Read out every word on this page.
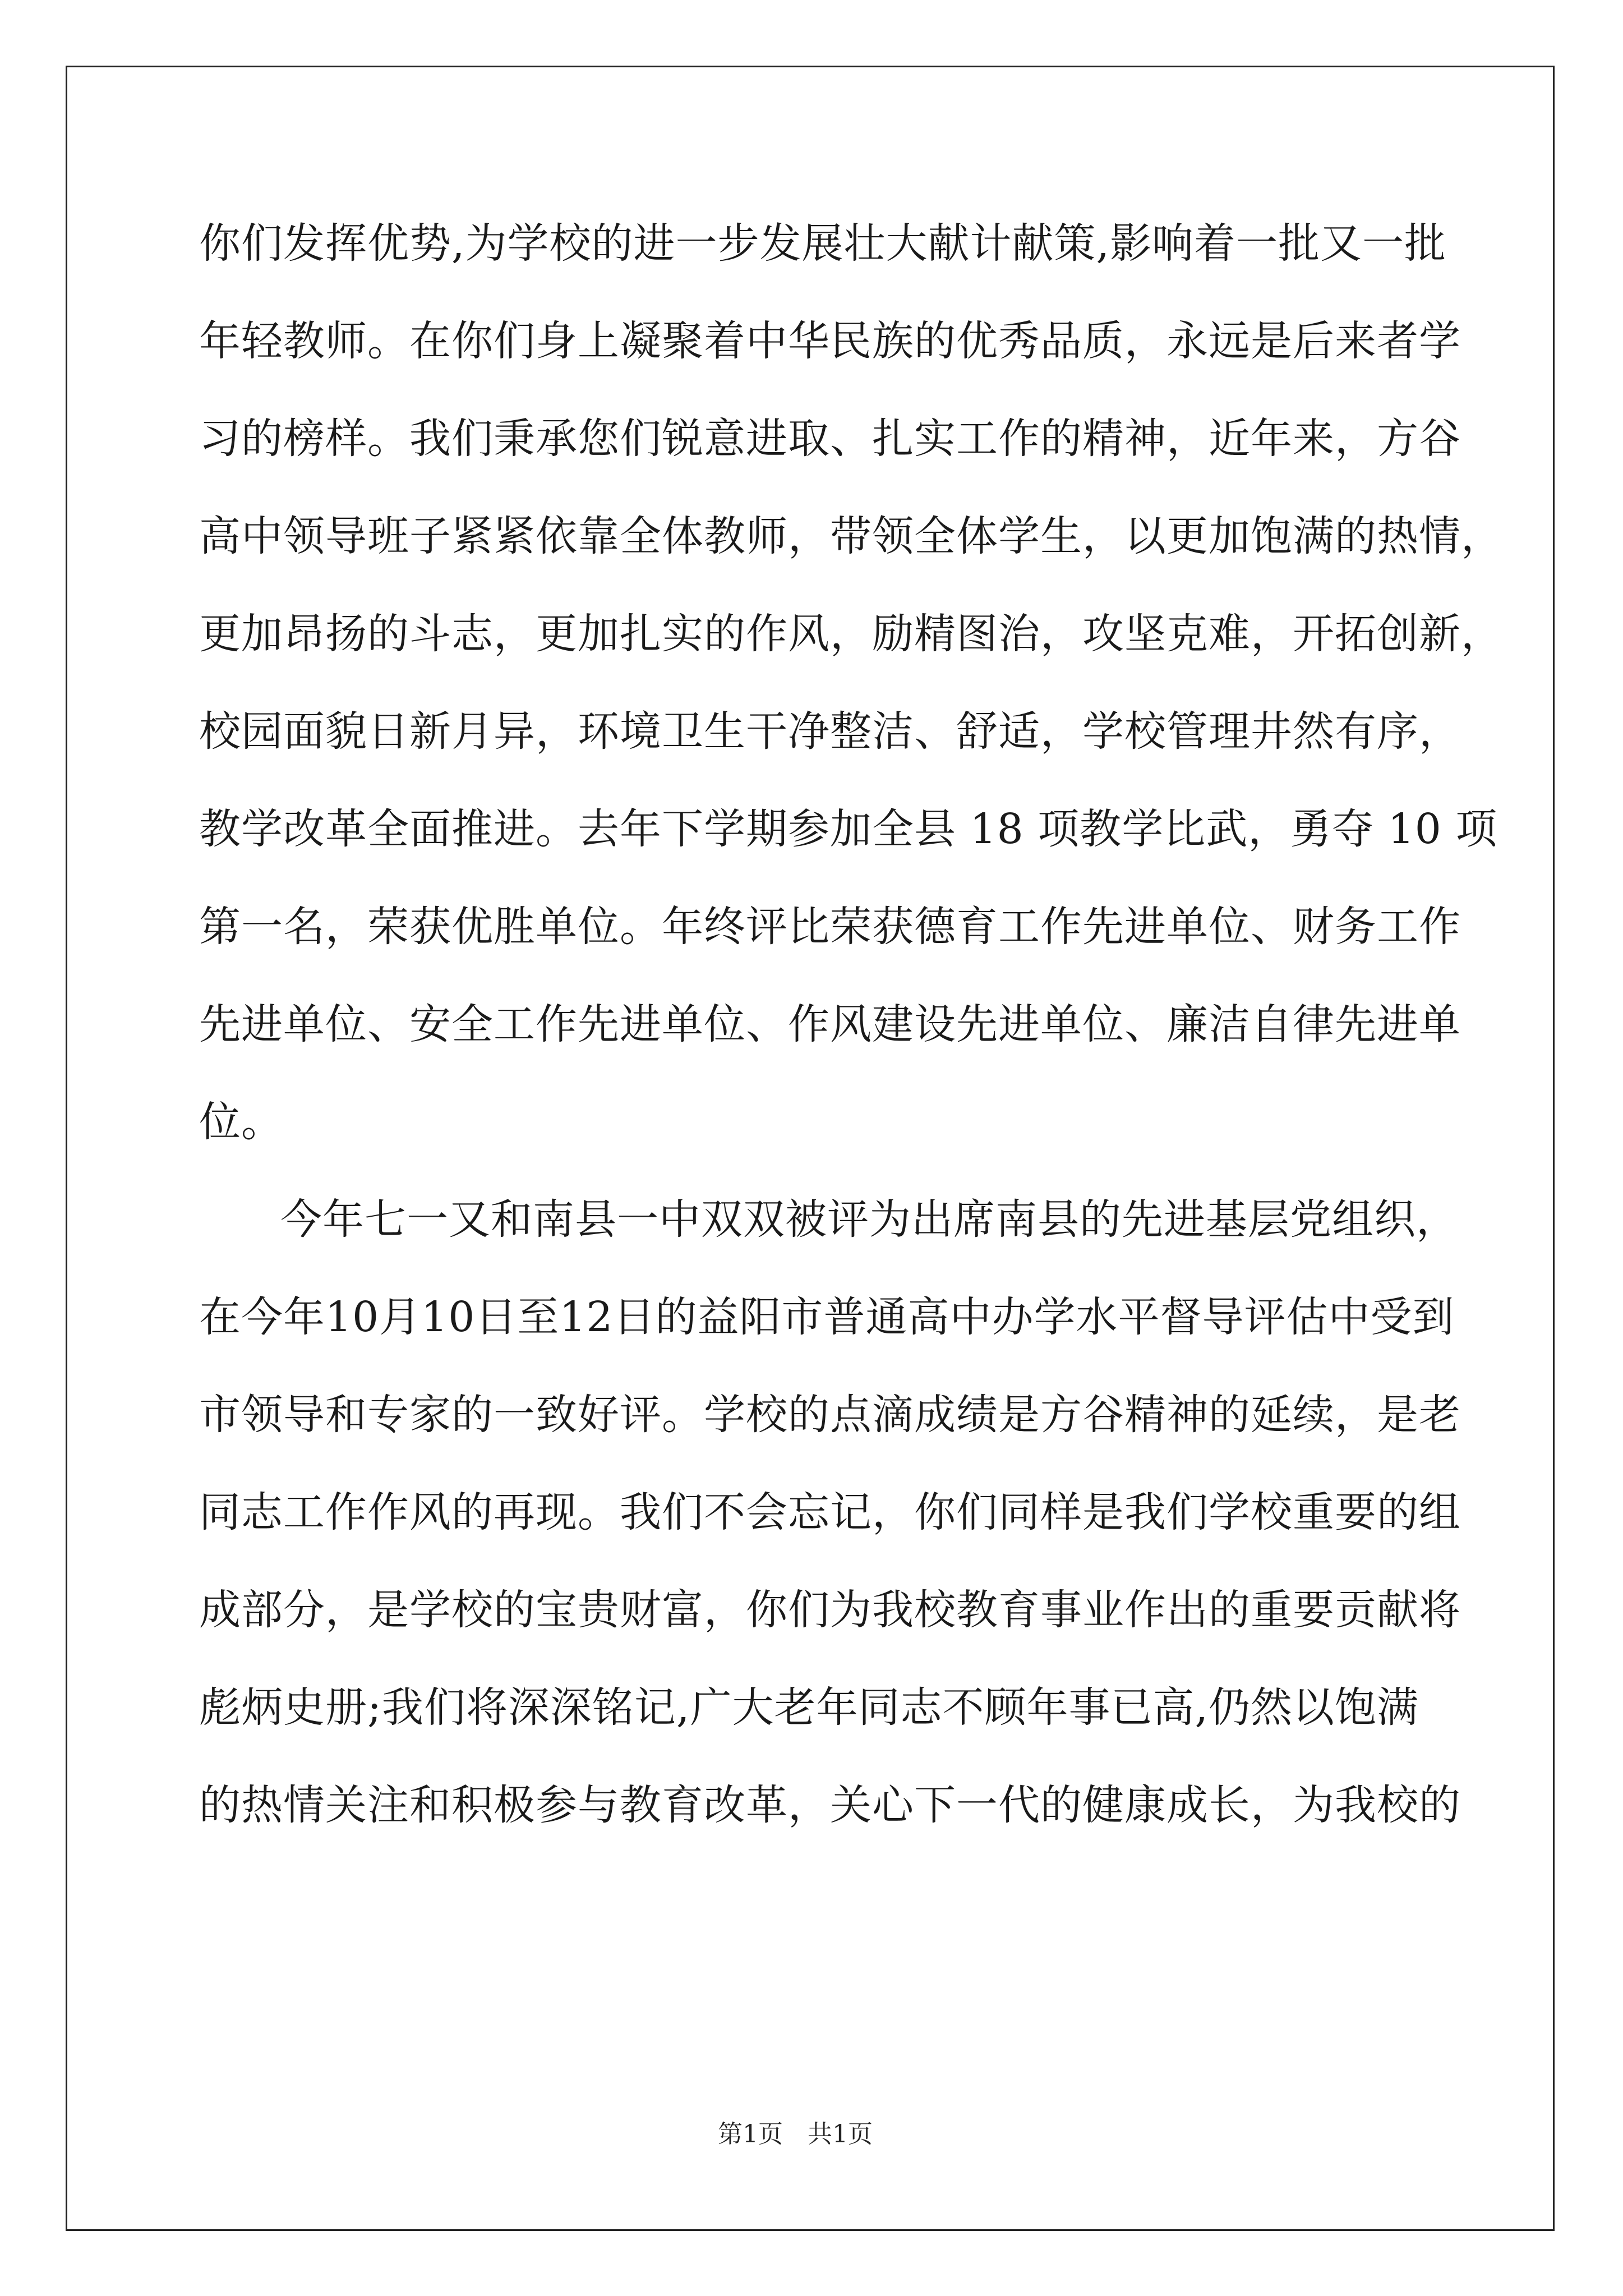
你们发挥优势,为学校的进一步发展壮大献计献策,影响着一批又一批
年轻教师。在你们身上凝聚着中华民族的优秀品质，永远是后来者学
习的榜样。我们秉承您们锐意进取、扎实工作的精神，近年来，方谷
高中领导班子紧紧依靠全体教师，带领全体学生，以更加饱满的热情，
更加昂扬的斗志，更加扎实的作风，励精图治，攻坚克难，开拓创新，
校园面貌日新月异，环境卫生干净整洁、舒适，学校管理井然有序，
教学改革全面推进。去年下学期参加全县 18 项教学比武，勇夺 10 项
第一名，荣获优胜单位。年终评比荣获德育工作先进单位、财务工作
先进单位、安全工作先进单位、作风建设先进单位、廉洁自律先进单
位。
今年七一又和南县一中双双被评为出席南县的先进基层党组织，
在今年10月10日至12日的益阳市普通高中办学水平督导评估中受到
市领导和专家的一致好评。学校的点滴成绩是方谷精神的延续，是老
同志工作作风的再现。我们不会忘记，你们同样是我们学校重要的组
成部分，是学校的宝贵财富，你们为我校教育事业作出的重要贡献将
彪炳史册;我们将深深铭记,广大老年同志不顾年事已高,仍然以饱满
的热情关注和积极参与教育改革，关心下一代的健康成长，为我校的
第1页　共1页
